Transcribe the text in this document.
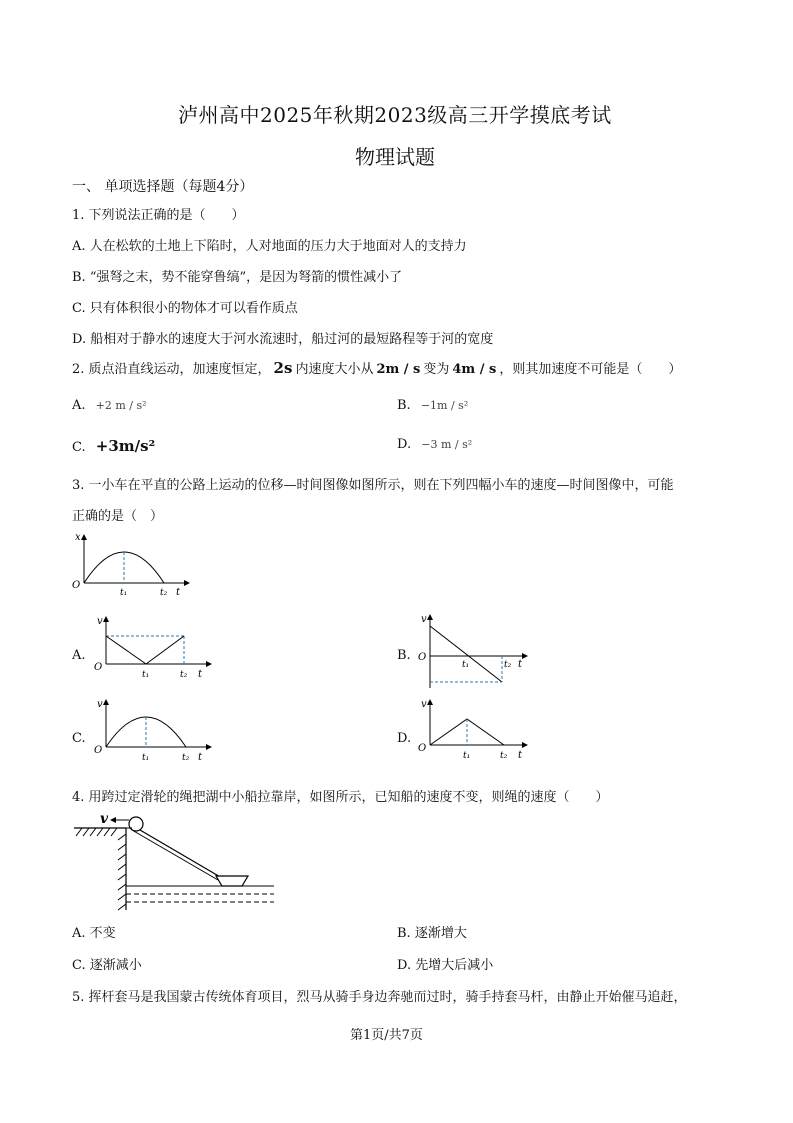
泸州高中2025年秋期2023级高三开学摸底考试
物理试题
一、 单项选择题（每题4分）
1. 下列说法正确的是（　　）
A. 人在松软的土地上下陷时，人对地面的压力大于地面对人的支持力
B. “强弩之末，势不能穿鲁缟”，是因为弩箭的惯性减小了
C. 只有体积很小的物体才可以看作质点
D. 船相对于静水的速度大于河水流速时，船过河的最短路程等于河的宽度
2. 质点沿直线运动，加速度恒定， 2s 内速度大小从 2m / s 变为 4m / s ，则其加速度不可能是（　　）
A. +2 m / s²	B. −1m / s²
C. +3m/s²	D. −3 m / s²
3. 一小车在平直的公路上运动的位移—时间图像如图所示，则在下列四幅小车的速度—时间图像中，可能
正确的是（　）
x
O
t₁	t₂ t
A.
v
O
t₁	t₂ t
B.
v
O
t₁	t₂ t
C.
v
O
t₁	t₂ t
D.
v
O
t₁	t₂ t
4. 用跨过定滑轮的绳把湖中小船拉靠岸，如图所示，已知船的速度不变，则绳的速度（　　）
v
A. 不变	B. 逐渐增大
C. 逐渐减小	D. 先增大后减小
5. 挥杆套马是我国蒙古传统体育项目，烈马从骑手身边奔驰而过时，骑手持套马杆，由静止开始催马追赶，
第1页/共7页
